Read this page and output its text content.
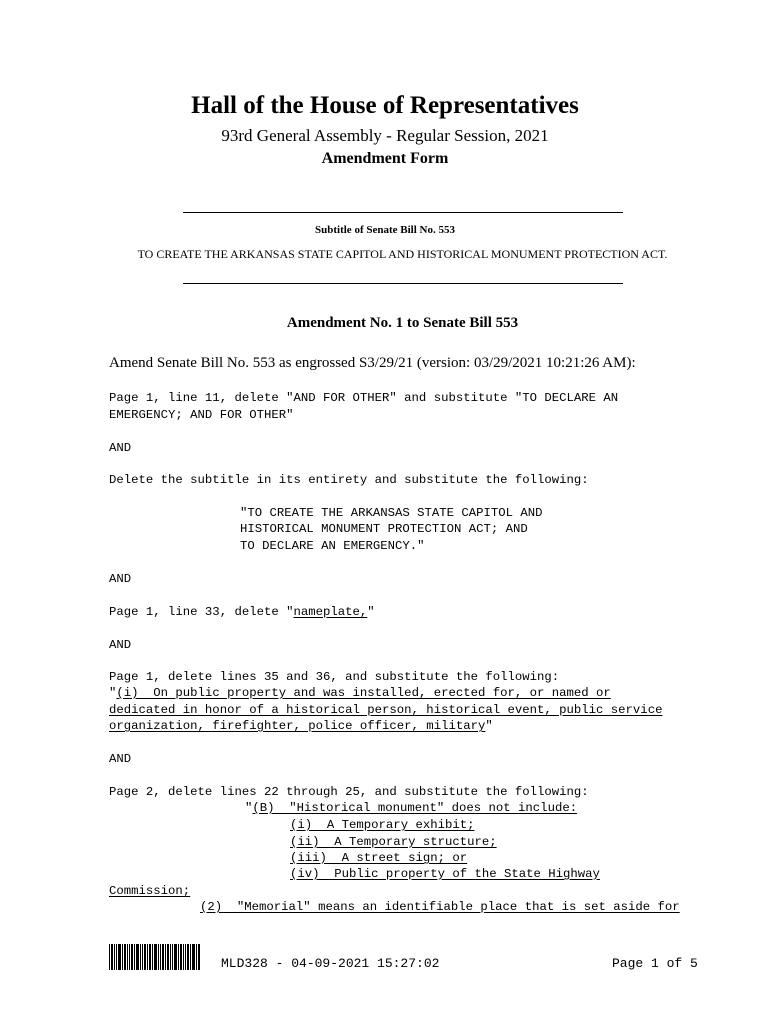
Hall of the House of Representatives
93rd General Assembly - Regular Session, 2021
Amendment Form
Subtitle of Senate Bill No. 553
TO CREATE THE ARKANSAS STATE CAPITOL AND HISTORICAL MONUMENT PROTECTION ACT.
Amendment No. 1 to Senate Bill 553
Amend Senate Bill No. 553 as engrossed S3/29/21 (version: 03/29/2021 10:21:26 AM):
Page 1, line 11, delete "AND FOR OTHER" and substitute "TO DECLARE AN
EMERGENCY; AND FOR OTHER"
AND
Delete the subtitle in its entirety and substitute the following:
"TO CREATE THE ARKANSAS STATE CAPITOL AND
HISTORICAL MONUMENT PROTECTION ACT; AND
TO DECLARE AN EMERGENCY."
AND
Page 1, line 33, delete "nameplate,"
AND
Page 1, delete lines 35 and 36, and substitute the following:
"(i)  On public property and was installed, erected for, or named or
dedicated in honor of a historical person, historical event, public service
organization, firefighter, police officer, military"
AND
Page 2, delete lines 22 through 25, and substitute the following:
"(B)  "Historical monument" does not include:
(i)  A Temporary exhibit;
(ii)  A Temporary structure;
(iii)  A street sign; or
(iv)  Public property of the State Highway
Commission;
(2)  "Memorial" means an identifiable place that is set aside for
MLD328 - 04-09-2021 15:27:02	Page 1 of 5
